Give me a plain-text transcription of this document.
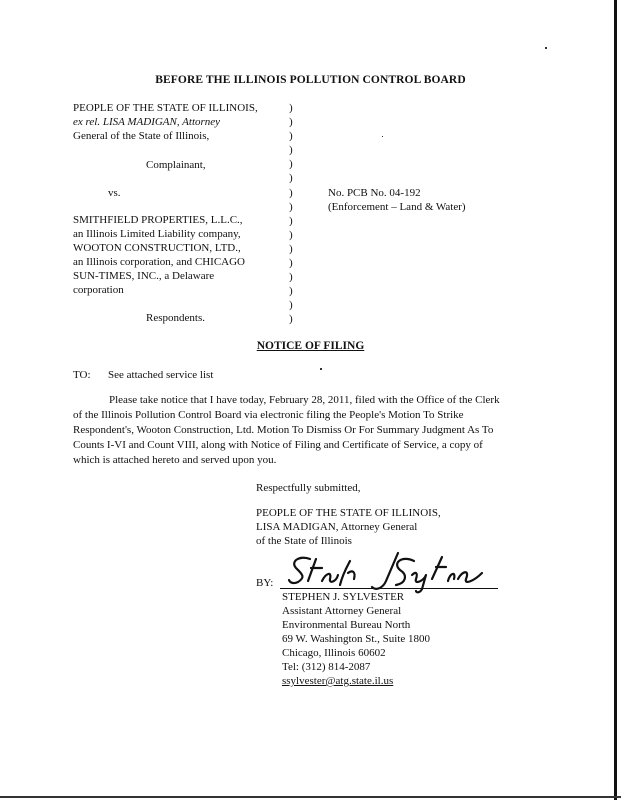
BEFORE THE ILLINOIS POLLUTION CONTROL BOARD
PEOPLE OF THE STATE OF ILLINOIS,
ex rel. LISA MADIGAN, Attorney
General of the State of Illinois,
Complainant,
vs.
SMITHFIELD PROPERTIES, L.L.C.,
an Illinois Limited Liability company,
WOOTON CONSTRUCTION, LTD.,
an Illinois corporation, and CHICAGO
SUN-TIMES, INC., a Delaware
corporation
Respondents.
)
)
)
)
)
)
)
)
)
)
)
)
)
)
)
)
No. PCB No. 04-192
(Enforcement – Land & Water)
NOTICE OF FILING
TO: See attached service list
Please take notice that I have today, February 28, 2011, filed with the Office of the Clerk
of the Illinois Pollution Control Board via electronic filing the People's Motion To Strike
Respondent's, Wooton Construction, Ltd. Motion To Dismiss Or For Summary Judgment As To
Counts I-VI and Count VIII, along with Notice of Filing and Certificate of Service, a copy of
which is attached hereto and served upon you.
Respectfully submitted,
PEOPLE OF THE STATE OF ILLINOIS,
LISA MADIGAN, Attorney General
of the State of Illinois
BY:
STEPHEN J. SYLVESTER
Assistant Attorney General
Environmental Bureau North
69 W. Washington St., Suite 1800
Chicago, Illinois 60602
Tel: (312) 814-2087
ssylvester@atg.state.il.us
